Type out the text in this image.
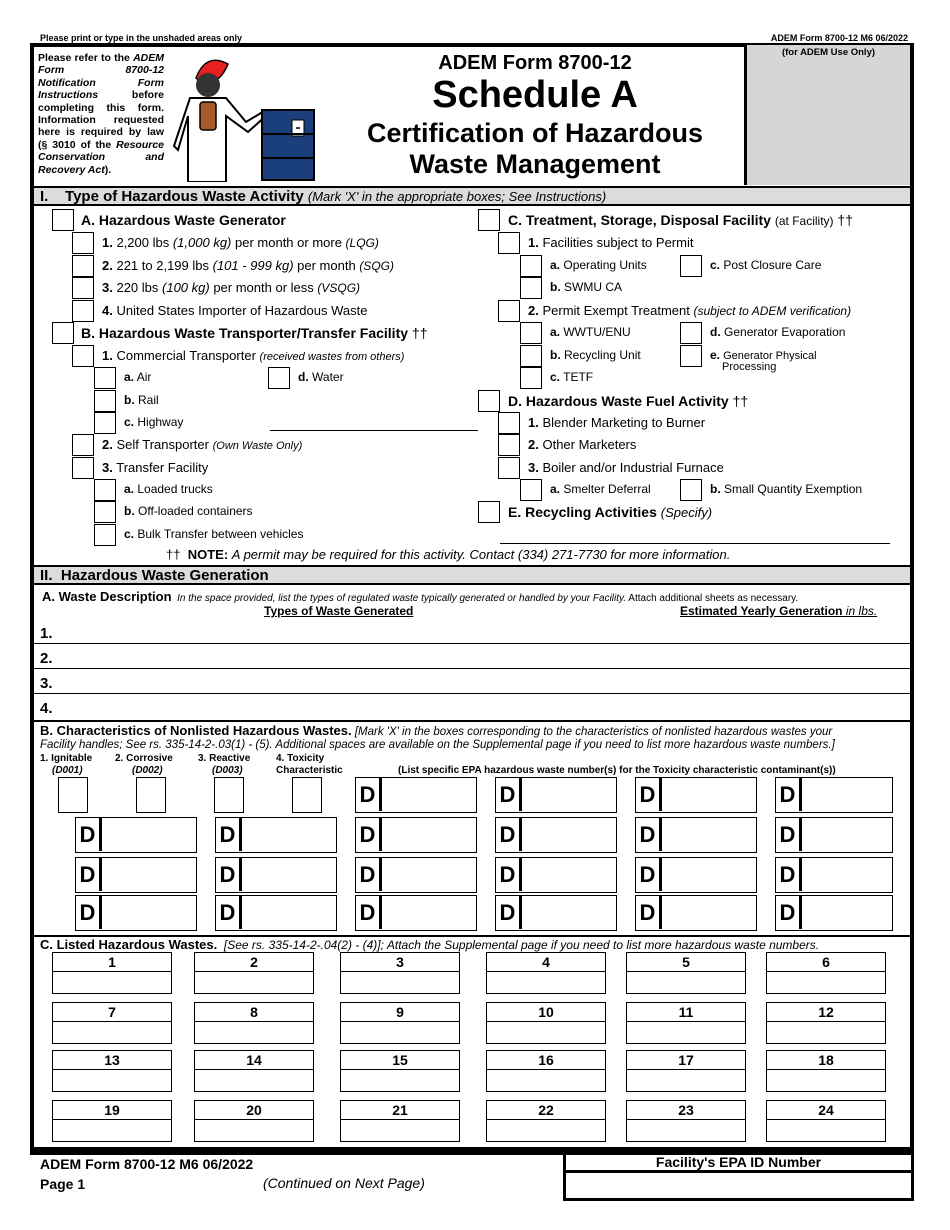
Please print or type in the unshaded areas only	ADEM Form 8700-12 M6 06/2022
Please refer to the ADEM Form 8700-12 Notification Form Instructions before completing this form. Information requested here is required by law (§ 3010 of the Resource Conservation and Recovery Act).
ADEM Form 8700-12
Schedule A
Certification of Hazardous
Waste Management
(for ADEM Use Only)
I. Type of Hazardous Waste Activity (Mark 'X' in the appropriate boxes; See Instructions)
A. Hazardous Waste Generator
1. 2,200 lbs (1,000 kg) per month or more (LQG)
2. 221 to 2,199 lbs (101 - 999 kg) per month (SQG)
3. 220 lbs (100 kg) per month or less (VSQG)
4. United States Importer of Hazardous Waste
B. Hazardous Waste Transporter/Transfer Facility ††
1. Commercial Transporter (received wastes from others)
a. Air	d. Water
b. Rail
c. Highway
2. Self Transporter (Own Waste Only)
3. Transfer Facility
a. Loaded trucks
b. Off-loaded containers
c. Bulk Transfer between vehicles
C. Treatment, Storage, Disposal Facility (at Facility) ††
1. Facilities subject to Permit
a. Operating Units	c. Post Closure Care
b. SWMU CA
2. Permit Exempt Treatment (subject to ADEM verification)
a. WWTU/ENU	d. Generator Evaporation
b. Recycling Unit	e. Generator Physical
Processing
c. TETF
D. Hazardous Waste Fuel Activity ††
1. Blender Marketing to Burner
2. Other Marketers
3. Boiler and/or Industrial Furnace
a. Smelter Deferral	b. Small Quantity Exemption
E. Recycling Activities (Specify)
†† NOTE: A permit may be required for this activity. Contact (334) 271-7730 for more information.
II. Hazardous Waste Generation
A. Waste Description In the space provided, list the types of regulated waste typically generated or handled by your Facility. Attach additional sheets as necessary.
Types of Waste Generated	Estimated Yearly Generation in lbs.
1.
2.
3.
4.
B. Characteristics of Nonlisted Hazardous Wastes. [Mark 'X' in the boxes corresponding to the characteristics of nonlisted hazardous wastes your
Facility handles; See rs. 335-14-2-.03(1) - (5). Additional spaces are available on the Supplemental page if you need to list more hazardous waste numbers.]
1. Ignitable 2. Corrosive	3. Reactive	4. Toxicity
(D001)	(D002)	(D003)	Characteristic	(List specific EPA hazardous waste number(s) for the Toxicity characteristic contaminant(s))
D	D	D	D
D	D	D	D	D	D
D	D	D	D	D	D
D	D	D	D	D	D
C. Listed Hazardous Wastes. [See rs. 335-14-2-.04(2) - (4)]; Attach the Supplemental page if you need to list more hazardous waste numbers.
1	2	3	4	5	6
7	8	9	10	11	12
13	14	15	16	17	18
19	20	21	22	23	24
ADEM Form 8700-12 M6 06/2022
Page 1	(Continued on Next Page)
Facility's EPA ID Number
